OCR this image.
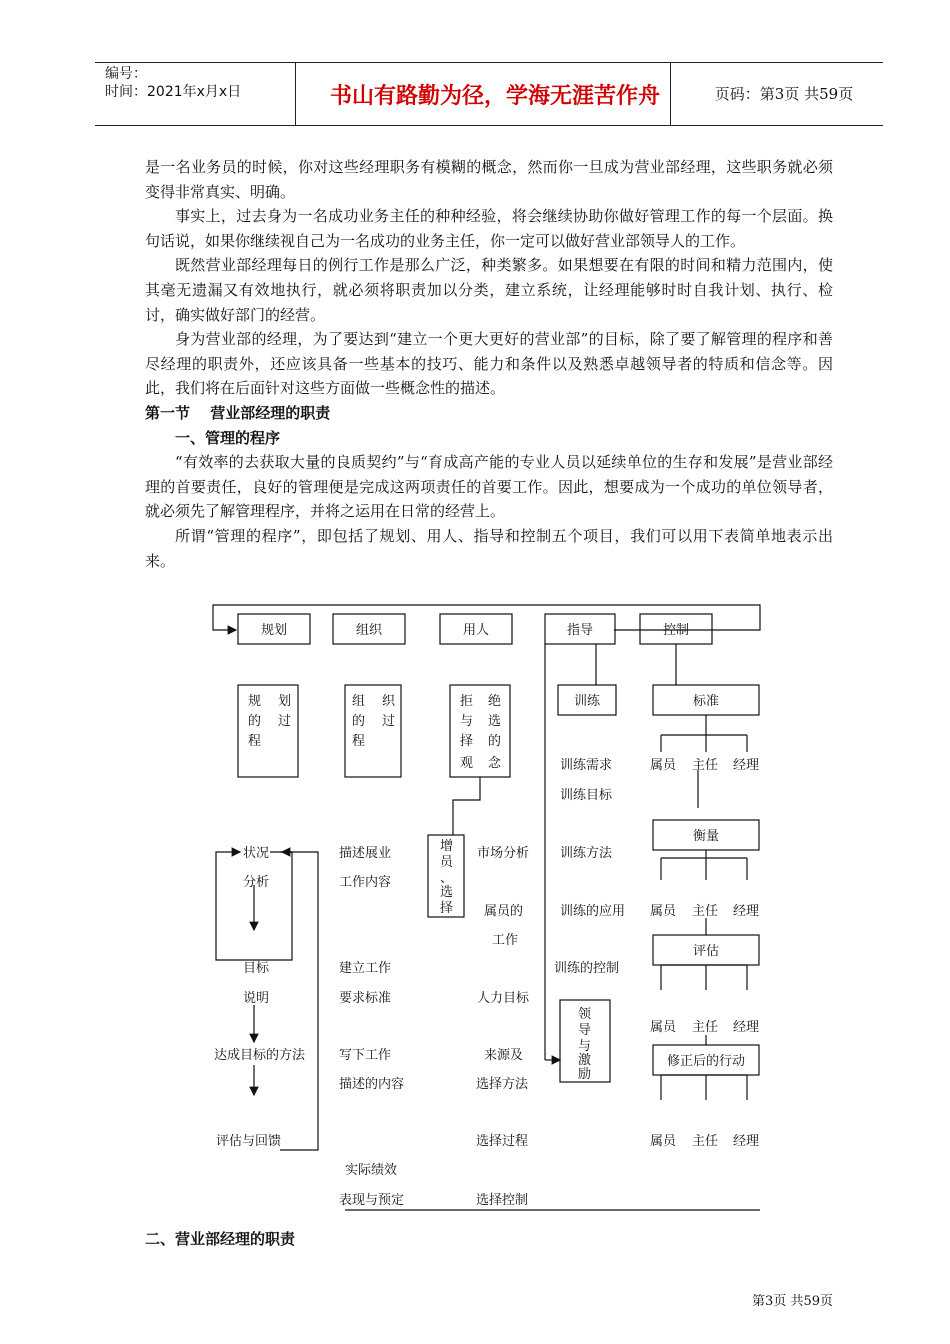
编号：
时间：2021年x月x日	书山有路勤为径，学海无涯苦作舟	页码：第3页 共59页

是一名业务员的时候，你对这些经理职务有模糊的概念，然而你一旦成为营业部经理，这些职务就必须变得非常真实、明确。

事实上，过去身为一名成功业务主任的种种经验，将会继续协助你做好管理工作的每一个层面。换句话说，如果你继续视自己为一名成功的业务主任，你一定可以做好营业部领导人的工作。

既然营业部经理每日的例行工作是那么广泛，种类繁多。如果想要在有限的时间和精力范围内，使其毫无遗漏又有效地执行，就必须将职责加以分类，建立系统，让经理能够时时自我计划、执行、检讨，确实做好部门的经营。

身为营业部的经理，为了要达到“建立一个更大更好的营业部”的目标，除了要了解管理的程序和善尽经理的职责外，还应该具备一些基本的技巧、能力和条件以及熟悉卓越领导者的特质和信念等。因此，我们将在后面针对这些方面做一些概念性的描述。

第一节　 营业部经理的职责

一、管理的程序

“有效率的去获取大量的良质契约”与“育成高产能的专业人员以延续单位的生存和发展”是营业部经理的首要责任，良好的管理便是完成这两项责任的首要工作。因此，想要成为一个成功的单位领导者，就必须先了解管理程序，并将之运用在日常的经营上。

所谓“管理的程序”，即包括了规划、用人、指导和控制五个项目，我们可以用下表简单地表示出来。

规划	组织	用人	指导	控制
规 划 的 过 程
组 织 的 过 程
拒 绝 与 选 择 的 观 念
增员 、选 择
领导 与激 励
训练	标准
衡量
评估
修正后的行动
状况
分析
目标
说明
达成目标的方法
评估与回馈
描述展业
工作内容
建立工作
要求标准
写下工作
描述的内容
实际绩效
表现与预定
市场分析
属员的
工作
人力目标
来源及
选择方法
选择过程
选择控制
训练需求
训练目标
训练方法
训练的应用
训练的控制
属员 主任 经理
属员 主任 经理
属员 主任 经理
属员 主任 经理
二、营业部经理的职责
第3页 共59页
